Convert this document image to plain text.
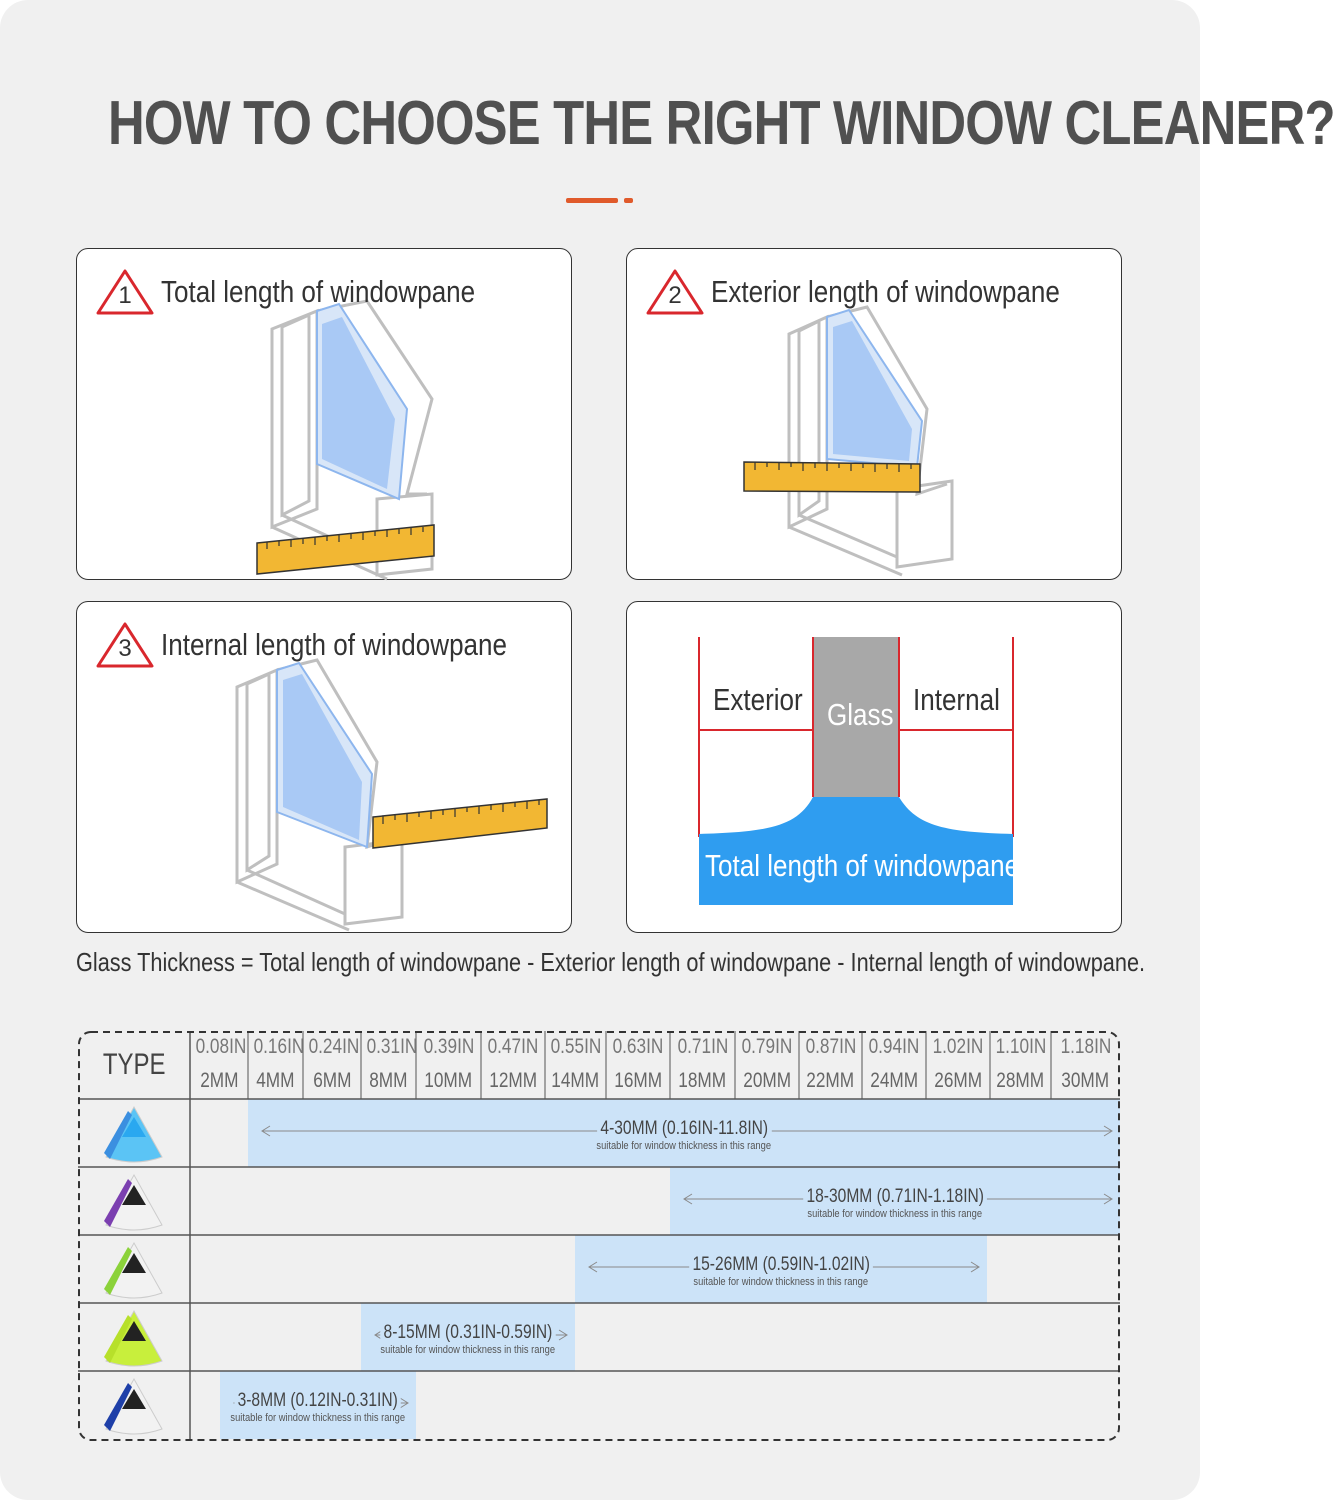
HOW TO CHOOSE THE RIGHT WINDOW CLEANER?
1 Total length of windowpane	2 Exterior length of windowpane
3 Internal length of windowpane
Exterior Glass Internal
Total length of windowpane
Glass Thickness = Total length of windowpane - Exterior length of windowpane - Internal length of windowpane.
TYPE
0.08IN
2MM
0.16IN
4MM
0.24IN
6MM
0.31IN
8MM
0.39IN
10MM
0.47IN
12MM
0.55IN
14MM
0.63IN
16MM
0.71IN
18MM
0.79IN
20MM
0.87IN
22MM
0.94IN
24MM
1.02IN
26MM
1.10IN
28MM
1.18IN
30MM
4-30MM (0.16IN-11.8IN)
suitable for window thickness in this range
18-30MM (0.71IN-1.18IN)
suitable for window thickness in this range
15-26MM (0.59IN-1.02IN)
suitable for window thickness in this range
8-15MM (0.31IN-0.59IN)
suitable for window thickness in this range
3-8MM (0.12IN-0.31IN)
suitable for window thickness in this range
